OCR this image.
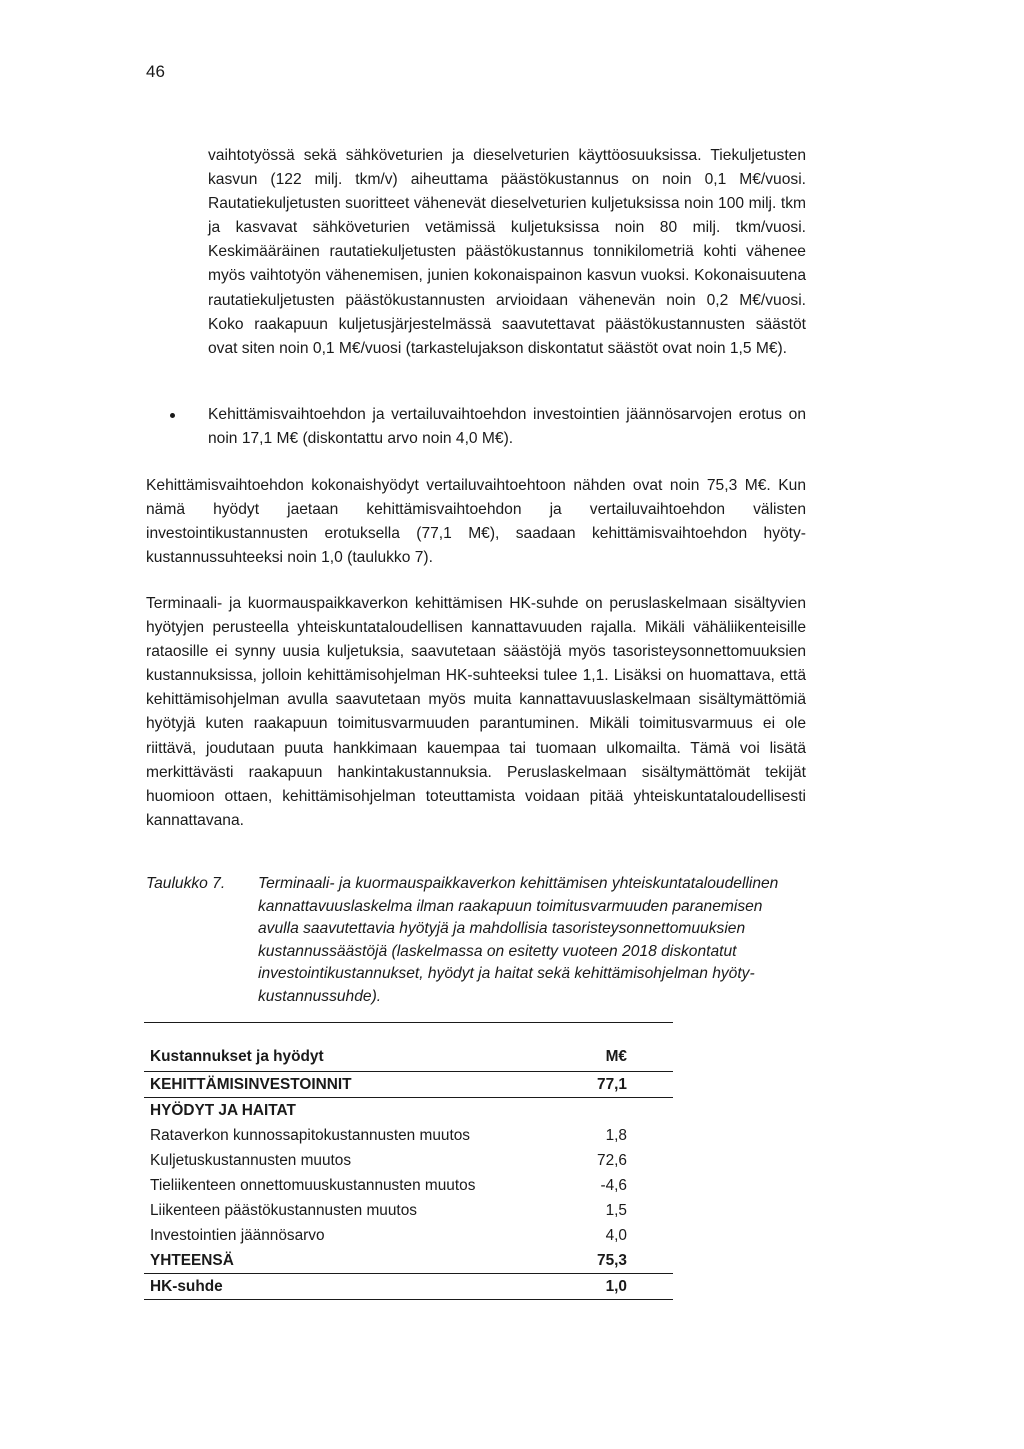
46

vaihtotyössä sekä sähköveturien ja dieselveturien käyttöosuuksissa. Tiekuljetusten kasvun (122 milj. tkm/v) aiheuttama päästökustannus on noin 0,1 M€/vuosi. Rautatiekuljetusten suoritteet vähenevät dieselveturien kuljetuksissa noin 100 milj. tkm ja kasvavat sähköveturien vetämissä kuljetuksissa noin 80 milj. tkm/vuosi. Keskimääräinen rautatiekuljetusten päästökustannus tonnikilometriä kohti vähenee myös vaihtotyön vähenemisen, junien kokonaispainon kasvun vuoksi. Kokonaisuutena rautatiekuljetusten päästökustannusten arvioidaan vähenevän noin 0,2 M€/vuosi. Koko raakapuun kuljetusjärjestelmässä saavutettavat päästökustannusten säästöt ovat siten noin 0,1 M€/vuosi (tarkastelujakson diskontatut säästöt ovat noin 1,5 M€).

Kehittämisvaihtoehdon ja vertailuvaihtoehdon investointien jäännösarvojen erotus on noin 17,1 M€ (diskontattu arvo noin 4,0 M€).

Kehittämisvaihtoehdon kokonaishyödyt vertailuvaihtoehtoon nähden ovat noin 75,3 M€. Kun nämä hyödyt jaetaan kehittämisvaihtoehdon ja vertailuvaihtoehdon välisten investointikustannusten erotuksella (77,1 M€), saadaan kehittämisvaihtoehdon hyöty-kustannussuhteeksi noin 1,0 (taulukko 7).

Terminaali- ja kuormauspaikkaverkon kehittämisen HK-suhde on peruslaskelmaan sisältyvien hyötyjen perusteella yhteiskuntataloudellisen kannattavuuden rajalla. Mikäli vähäliikenteisille rataosille ei synny uusia kuljetuksia, saavutetaan säästöjä myös tasoristeysonnettomuuksien kustannuksissa, jolloin kehittämisohjelman HK-suhteeksi tulee 1,1. Lisäksi on huomattava, että kehittämisohjelman avulla saavutetaan myös muita kannattavuuslaskelmaan sisältymättömiä hyötyjä kuten raakapuun toimitusvarmuuden parantuminen. Mikäli toimitusvarmuus ei ole riittävä, joudutaan puuta hankkimaan kauempaa tai tuomaan ulkomailta. Tämä voi lisätä merkittävästi raakapuun hankintakustannuksia. Peruslaskelmaan sisältymättömät tekijät huomioon ottaen, kehittämisohjelman toteuttamista voidaan pitää yhteiskuntataloudellisesti kannattavana.

Taulukko 7. Terminaali- ja kuormauspaikkaverkon kehittämisen yhteiskuntataloudellinen kannattavuuslaskelma ilman raakapuun toimitusvarmuuden paranemisen avulla saavutettavia hyötyjä ja mahdollisia tasoristeysonnettomuuksien kustannussäästöjä (laskelmassa on esitetty vuoteen 2018 diskontatut investointikustannukset, hyödyt ja haitat sekä kehittämisohjelman hyöty-kustannussuhde).

Kustannukset ja hyödyt	M€
KEHITTÄMISINVESTOINNIT	77,1
HYÖDYT JA HAITAT	
Rataverkon kunnossapitokustannusten muutos	1,8
Kuljetuskustannusten muutos	72,6
Tieliikenteen onnettomuuskustannusten muutos	-4,6
Liikenteen päästökustannusten muutos	1,5
Investointien jäännösarvo	4,0
YHTEENSÄ	75,3
HK-suhde	1,0
